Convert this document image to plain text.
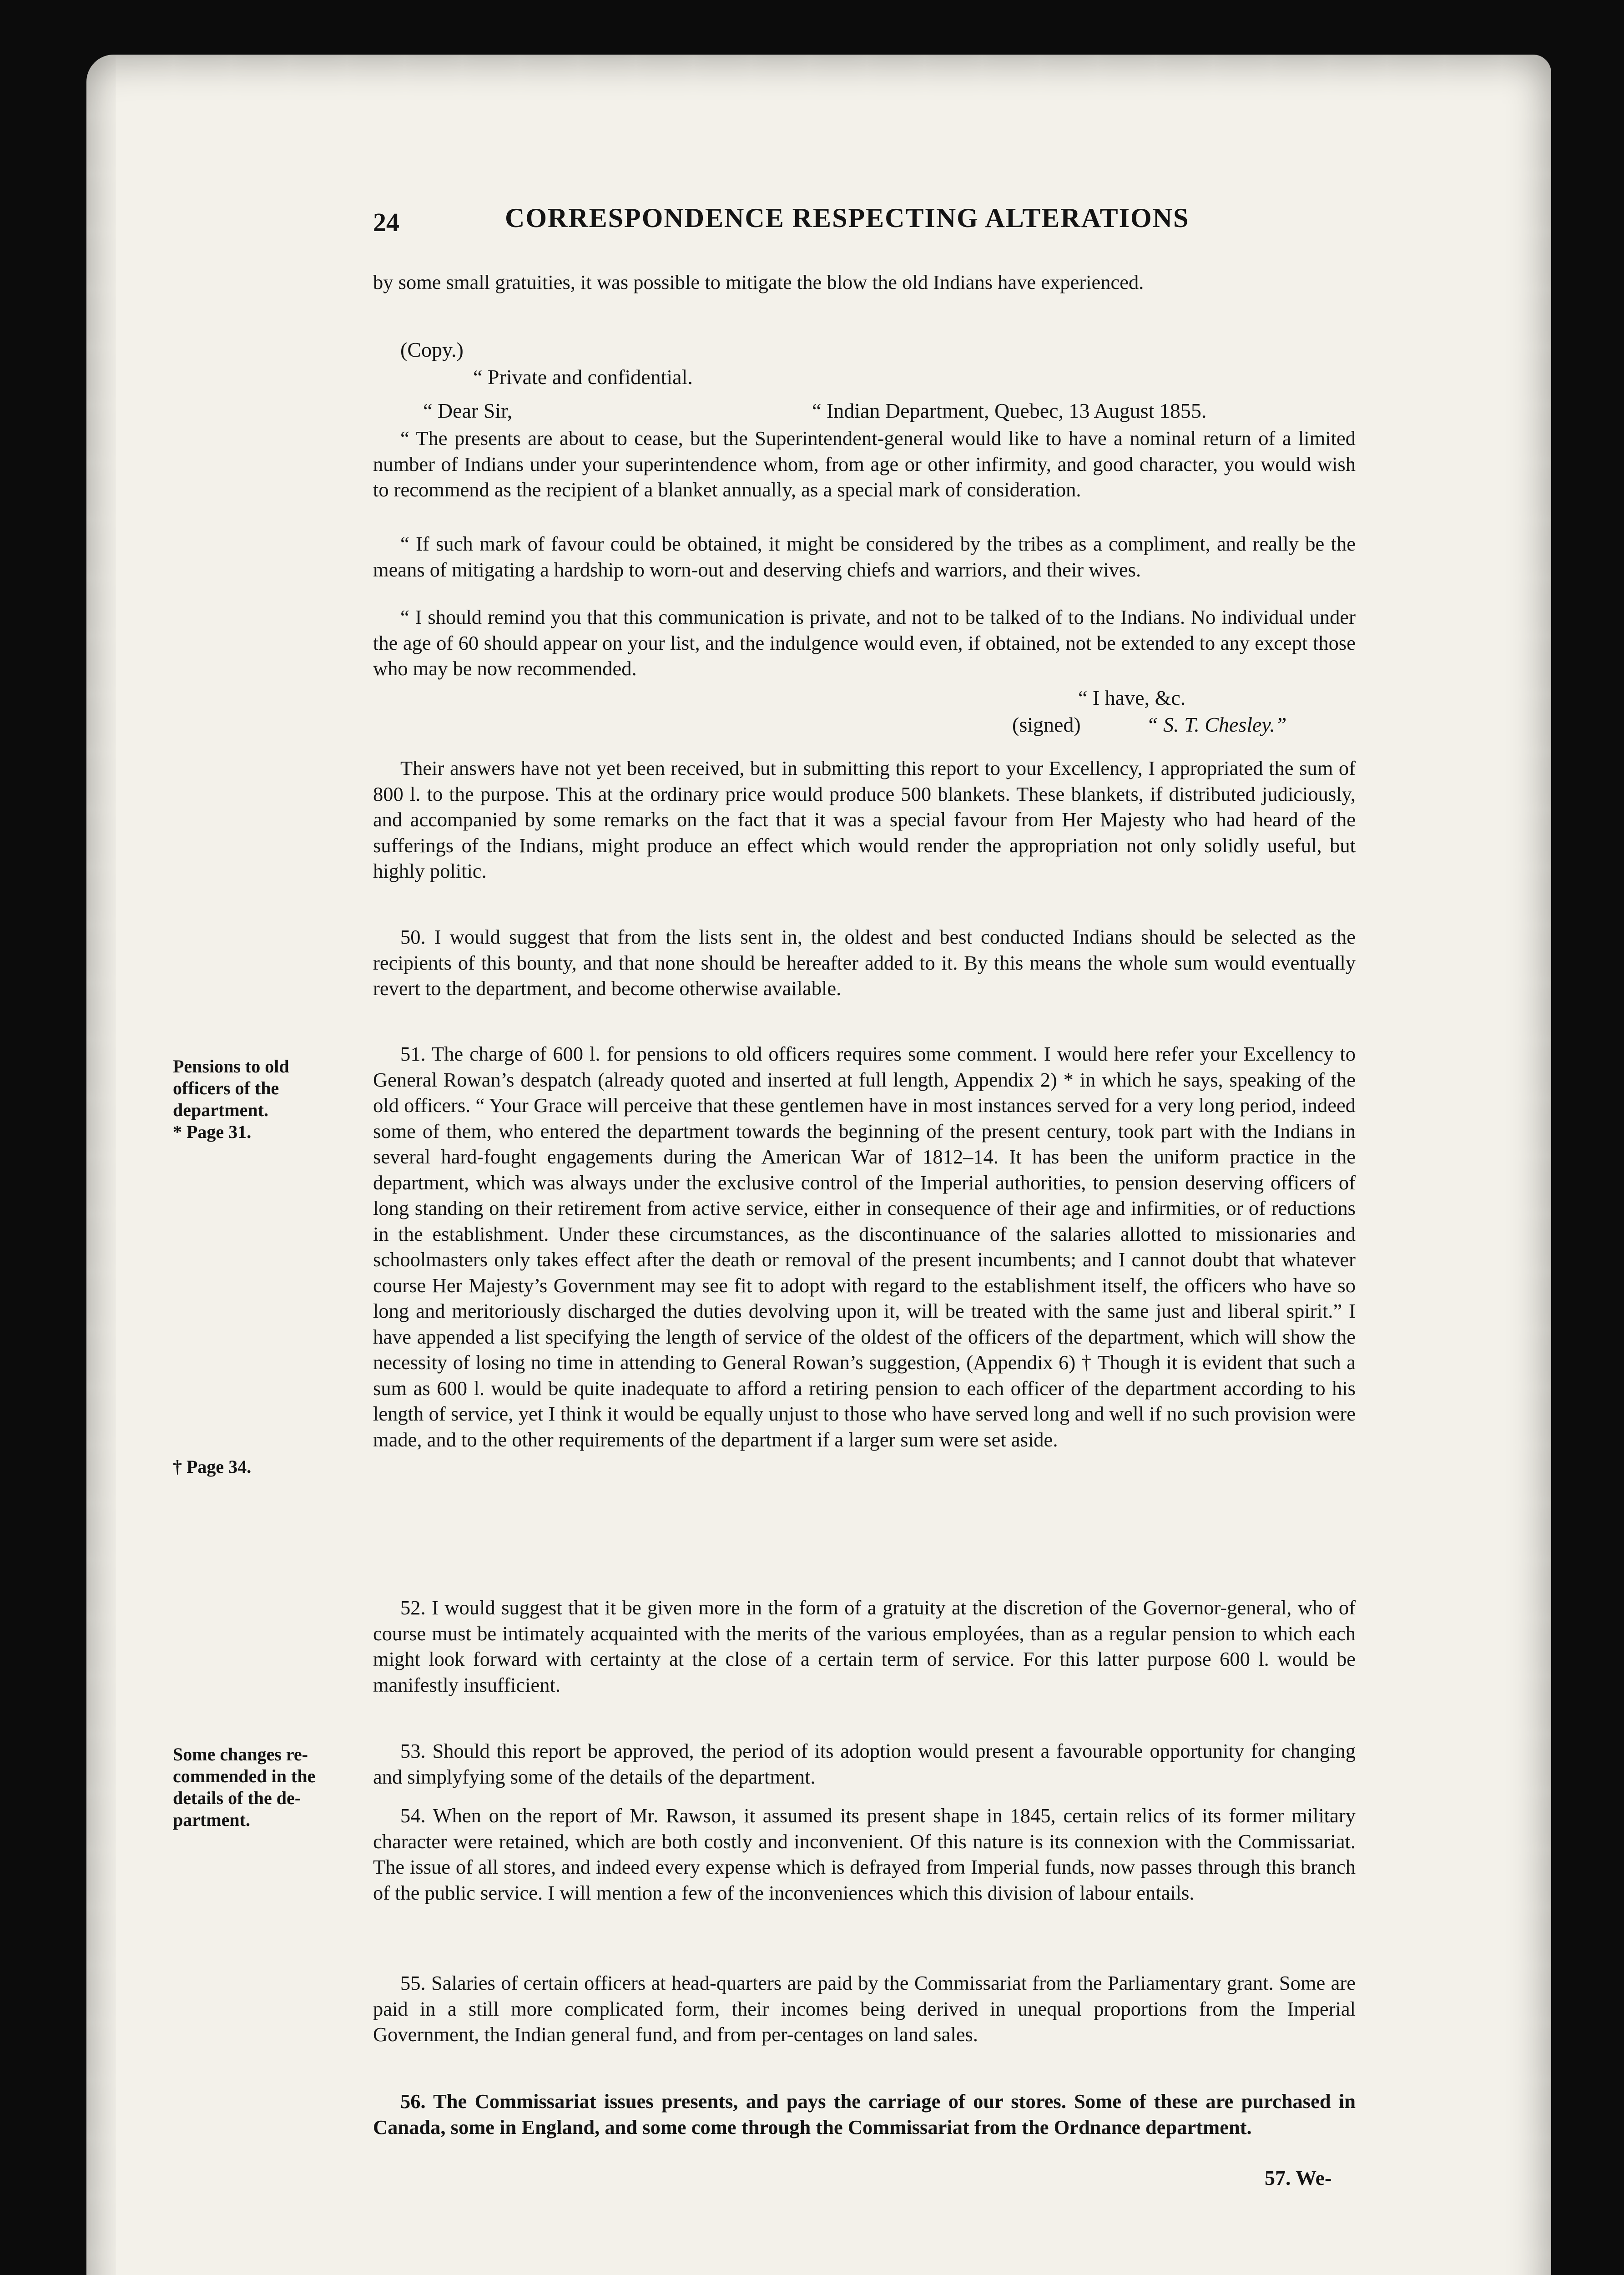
24	CORRESPONDENCE RESPECTING ALTERATIONS
by some small gratuities, it was possible to mitigate the blow the old Indians have experienced.
(Copy.)
“ Private and confidential.
“ Dear Sir,	“ Indian Department, Quebec, 13 August 1855.
“ The presents are about to cease, but the Superintendent-general would like to have a nominal return of a limited number of Indians under your superintendence whom, from age or other infirmity, and good character, you would wish to recommend as the recipient of a blanket annually, as a special mark of consideration.
“ If such mark of favour could be obtained, it might be considered by the tribes as a compliment, and really be the means of mitigating a hardship to worn-out and deserving chiefs and warriors, and their wives.
“ I should remind you that this communication is private, and not to be talked of to the Indians. No individual under the age of 60 should appear on your list, and the indulgence would even, if obtained, not be extended to any except those who may be now recommended.
“ I have, &c.
(signed)	“ S. T. Chesley.”
Their answers have not yet been received, but in submitting this report to your Excellency, I appropriated the sum of 800 l. to the purpose. This at the ordinary price would produce 500 blankets. These blankets, if distributed judiciously, and accompanied by some remarks on the fact that it was a special favour from Her Majesty who had heard of the sufferings of the Indians, might produce an effect which would render the appropriation not only solidly useful, but highly politic.
50. I would suggest that from the lists sent in, the oldest and best conducted Indians should be selected as the recipients of this bounty, and that none should be hereafter added to it. By this means the whole sum would eventually revert to the department, and become otherwise available.
51. The charge of 600 l. for pensions to old officers requires some comment. I would here refer your Excellency to General Rowan’s despatch (already quoted and inserted at full length, Appendix 2) * in which he says, speaking of the old officers. “ Your Grace will perceive that these gentlemen have in most instances served for a very long period, indeed some of them, who entered the department towards the beginning of the present century, took part with the Indians in several hard-fought engagements during the American War of 1812–14. It has been the uniform practice in the department, which was always under the exclusive control of the Imperial authorities, to pension deserving officers of long standing on their retirement from active service, either in consequence of their age and infirmities, or of reductions in the establishment. Under these circumstances, as the discontinuance of the salaries allotted to missionaries and schoolmasters only takes effect after the death or removal of the present incumbents; and I cannot doubt that whatever course Her Majesty’s Government may see fit to adopt with regard to the establishment itself, the officers who have so long and meritoriously discharged the duties devolving upon it, will be treated with the same just and liberal spirit.” I have appended a list specifying the length of service of the oldest of the officers of the department, which will show the necessity of losing no time in attending to General Rowan’s suggestion, (Appendix 6) † Though it is evident that such a sum as 600 l. would be quite inadequate to afford a retiring pension to each officer of the department according to his length of service, yet I think it would be equally unjust to those who have served long and well if no such provision were made, and to the other requirements of the department if a larger sum were set aside.
52. I would suggest that it be given more in the form of a gratuity at the discretion of the Governor-general, who of course must be intimately acquainted with the merits of the various employées, than as a regular pension to which each might look forward with certainty at the close of a certain term of service. For this latter purpose 600 l. would be manifestly insufficient.
53. Should this report be approved, the period of its adoption would present a favourable opportunity for changing and simplyfying some of the details of the department.
54. When on the report of Mr. Rawson, it assumed its present shape in 1845, certain relics of its former military character were retained, which are both costly and inconvenient. Of this nature is its connexion with the Commissariat. The issue of all stores, and indeed every expense which is defrayed from Imperial funds, now passes through this branch of the public service. I will mention a few of the inconveniences which this division of labour entails.
55. Salaries of certain officers at head-quarters are paid by the Commissariat from the Parliamentary grant. Some are paid in a still more complicated form, their incomes being derived in unequal proportions from the Imperial Government, the Indian general fund, and from per-centages on land sales.
56. The Commissariat issues presents, and pays the carriage of our stores. Some of these are purchased in Canada, some in England, and some come through the Commissariat from the Ordnance department.
57. We-
Pensions to old
officers of the
department.
* Page 31.
† Page 34.
Some changes re-
commended in the
details of the de-
partment.
